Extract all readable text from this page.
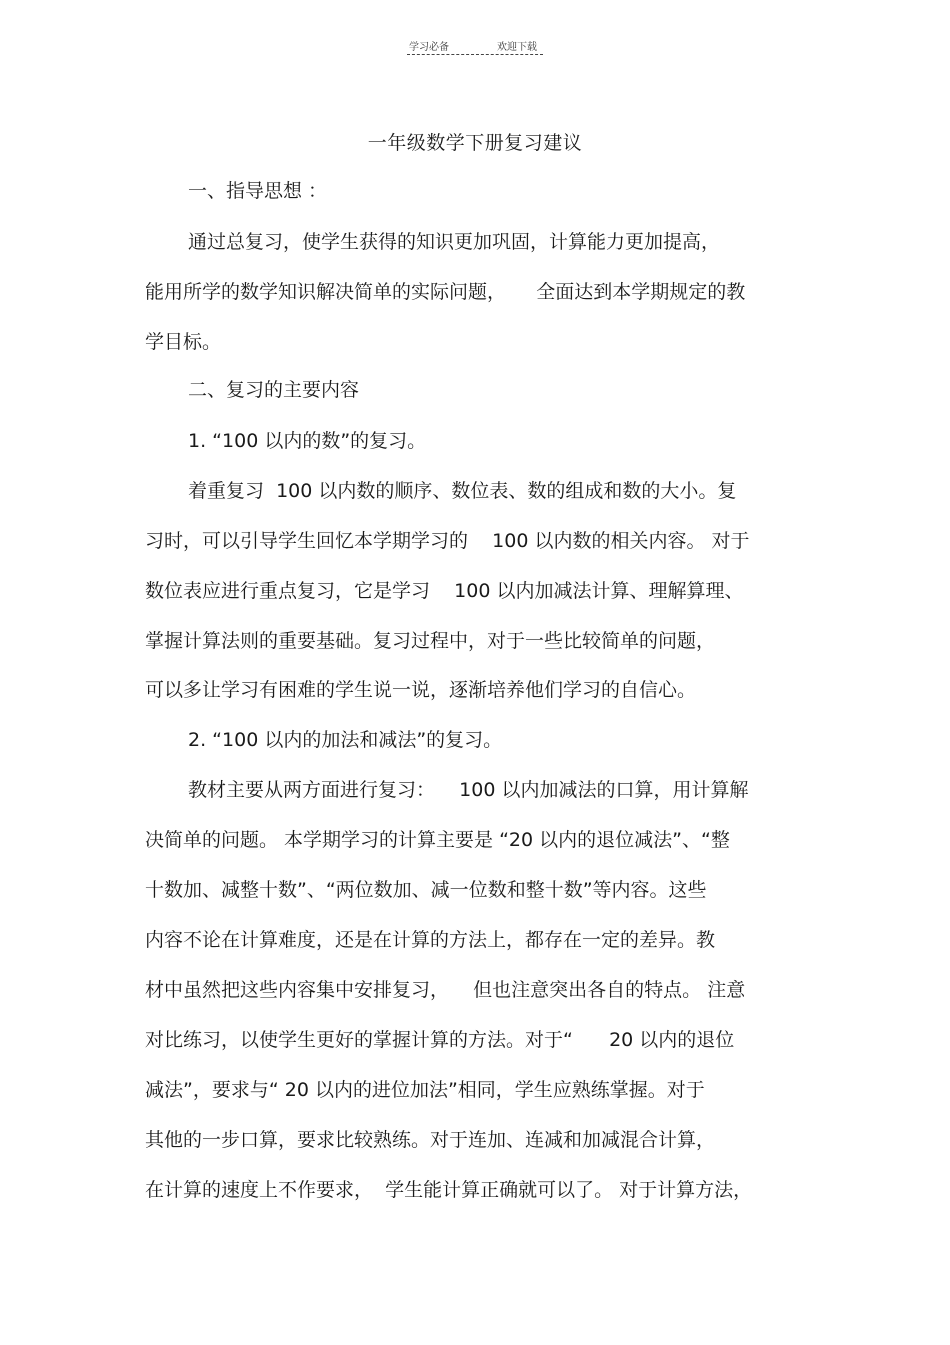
学习必备	欢迎下载
一年级数学下册复习建议
一、指导思想 ：
通过总复习，使学生获得的知识更加巩固，计算能力更加提高，
能用所学的数学知识解决简单的实际问题，     全面达到本学期规定的教
学目标。
二、复习的主要内容
1. “100 以内的数”的复习。
着重复习  100 以内数的顺序、数位表、数的组成和数的大小。复
习时，可以引导学生回忆本学期学习的    100 以内数的相关内容。 对于
数位表应进行重点复习，它是学习    100 以内加减法计算、理解算理、
掌握计算法则的重要基础。复习过程中，对于一些比较简单的问题，
可以多让学习有困难的学生说一说，逐渐培养他们学习的自信心。
2. “100 以内的加法和减法”的复习。
教材主要从两方面进行复习：    100 以内加减法的口算，用计算解
决简单的问题。 本学期学习的计算主要是 “20 以内的退位减法”、“整
十数加、减整十数”、“两位数加、减一位数和整十数”等内容。这些
内容不论在计算难度，还是在计算的方法上，都存在一定的差异。教
材中虽然把这些内容集中安排复习，    但也注意突出各自的特点。 注意
对比练习，以使学生更好的掌握计算的方法。对于“      20 以内的退位
减法”，要求与“ 20 以内的进位加法”相同，学生应熟练掌握。对于
其他的一步口算，要求比较熟练。对于连加、连减和加减混合计算，
在计算的速度上不作要求，  学生能计算正确就可以了。 对于计算方法，
